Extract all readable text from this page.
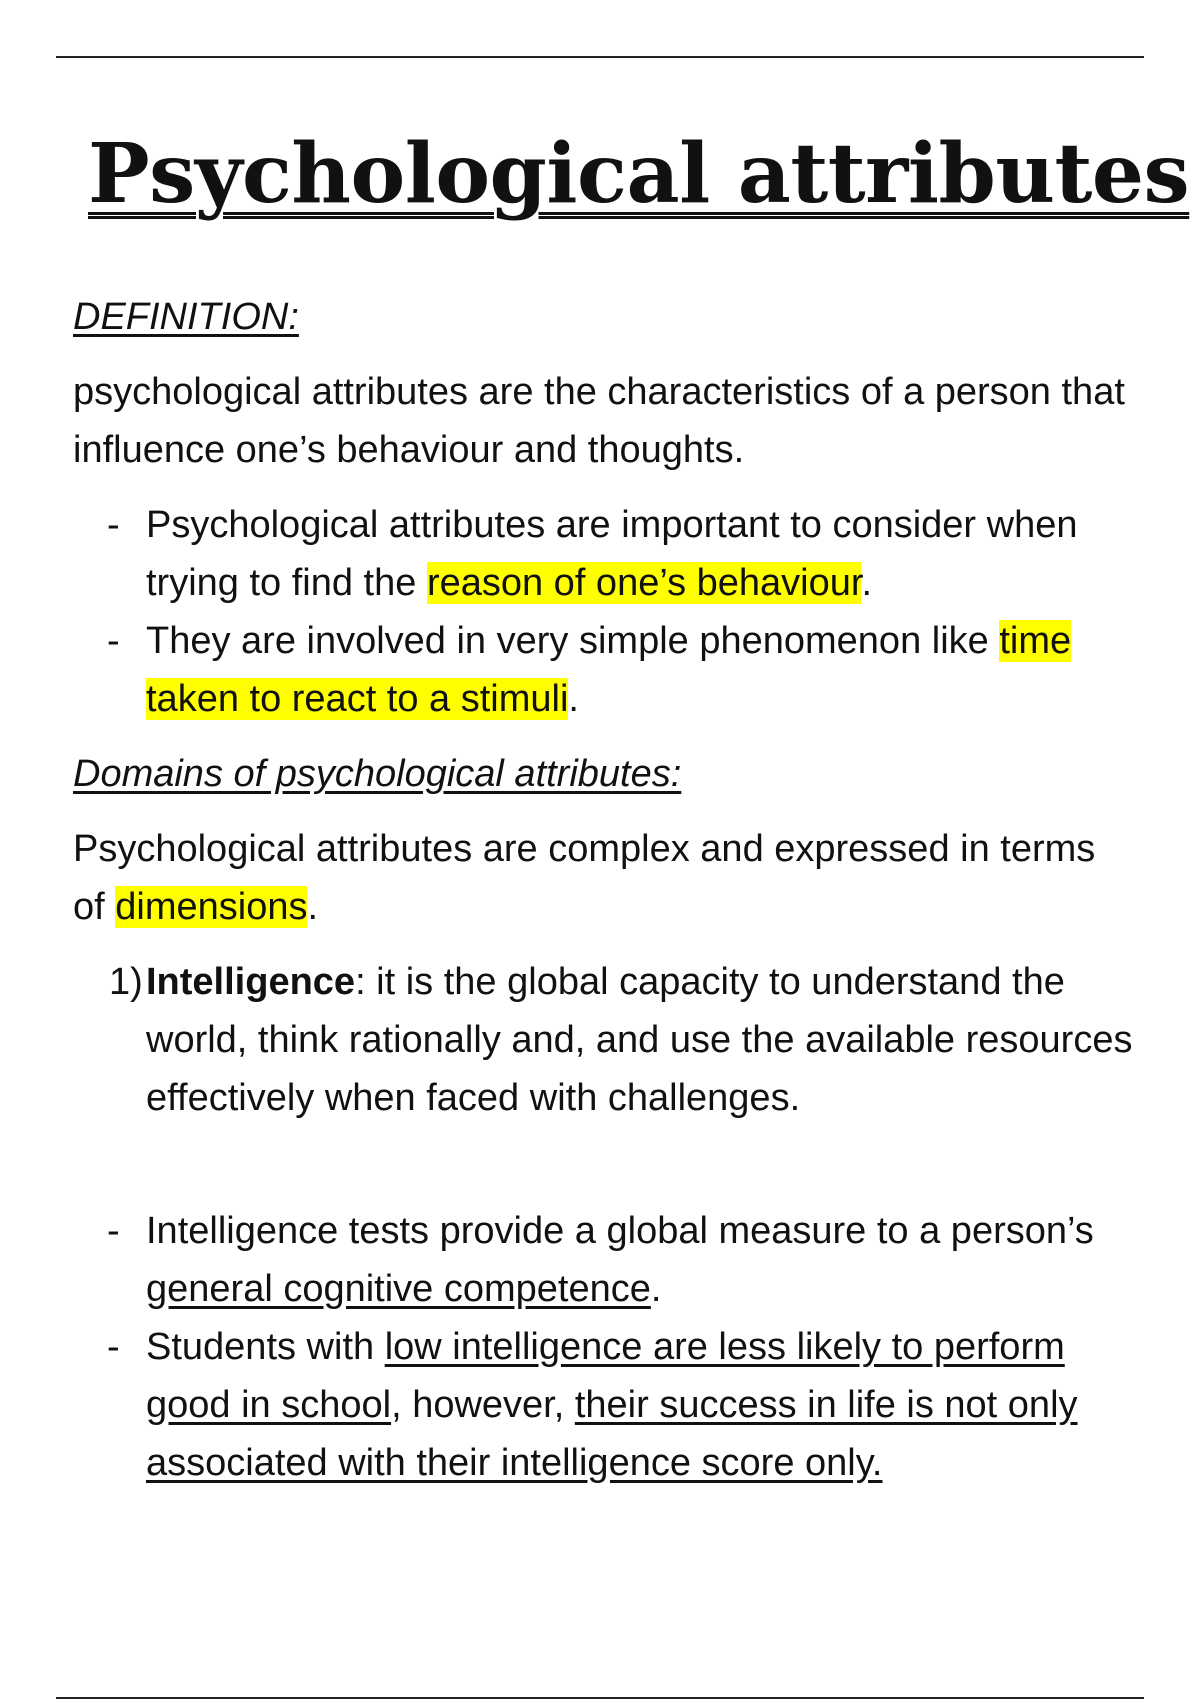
Psychological attributes
DEFINITION:
psychological attributes are the characteristics of a person that influence one’s behaviour and thoughts.
- Psychological attributes are important to consider when trying to find the reason of one’s behaviour.
- They are involved in very simple phenomenon like time taken to react to a stimuli.
Domains of psychological attributes:
Psychological attributes are complex and expressed in terms of dimensions.
1) Intelligence: it is the global capacity to understand the world, think rationally and, and use the available resources effectively when faced with challenges.
- Intelligence tests provide a global measure to a person’s general cognitive competence.
- Students with low intelligence are less likely to perform good in school, however, their success in life is not only associated with their intelligence score only.
